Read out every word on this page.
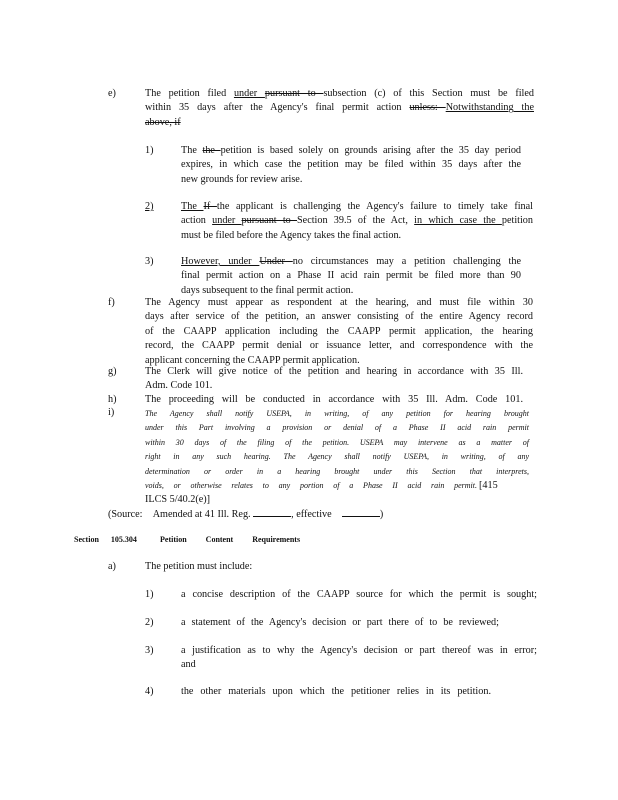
e)	The petition filed under pursuant to subsection (c) of this Section must be filed
within 35 days after the Agency's final permit action unless: Notwithstanding the
above, if
1)	The the petition is based solely on grounds arising after the 35 day period
expires, in which case the petition may be filed within 35 days after the
new grounds for review arise.
2)	The If the applicant is challenging the Agency's failure to timely take final
action under pursuant to Section 39.5 of the Act, in which case the petition
must be filed before the Agency takes the final action.
3)	However, under Under no circumstances may a petition challenging the
final permit action on a Phase II acid rain permit be filed more than 90
days subsequent to the final permit action.
f)	The Agency must appear as respondent at the hearing, and must file within 30
days after service of the petition, an answer consisting of the entire Agency record
of the CAAPP application including the CAAPP permit application, the hearing
record, the CAAPP permit denial or issuance letter, and correspondence with the
applicant concerning the CAAPP permit application.
g)	The Clerk will give notice of the petition and hearing in accordance with 35 Ill.
Adm. Code 101.
h)	The proceeding will be conducted in accordance with 35 Ill. Adm. Code 101.
i)	The Agency shall notify USEPA, in writing, of any petition for hearing brought
under this Part involving a provision or denial of a Phase II acid rain permit
within 30 days of the filing of the petition. USEPA may intervene as a matter of
right in any such hearing. The Agency shall notify USEPA, in writing, of any
determination or order in a hearing brought under this Section that interprets,
voids, or otherwise relates to any portion of a Phase II acid rain permit. [415
ILCS 5/40.2(e)]
(Source: Amended at 41 Ill. Reg.	, effective	)
Section 105.304	Petition Content Requirements
a)	The petition must include:
1)	a concise description of the CAAPP source for which the permit is sought;
2)	a statement of the Agency's decision or part there of to be reviewed;
3)	a justification as to why the Agency's decision or part thereof was in error;
and
4)	the other materials upon which the petitioner relies in its petition.
